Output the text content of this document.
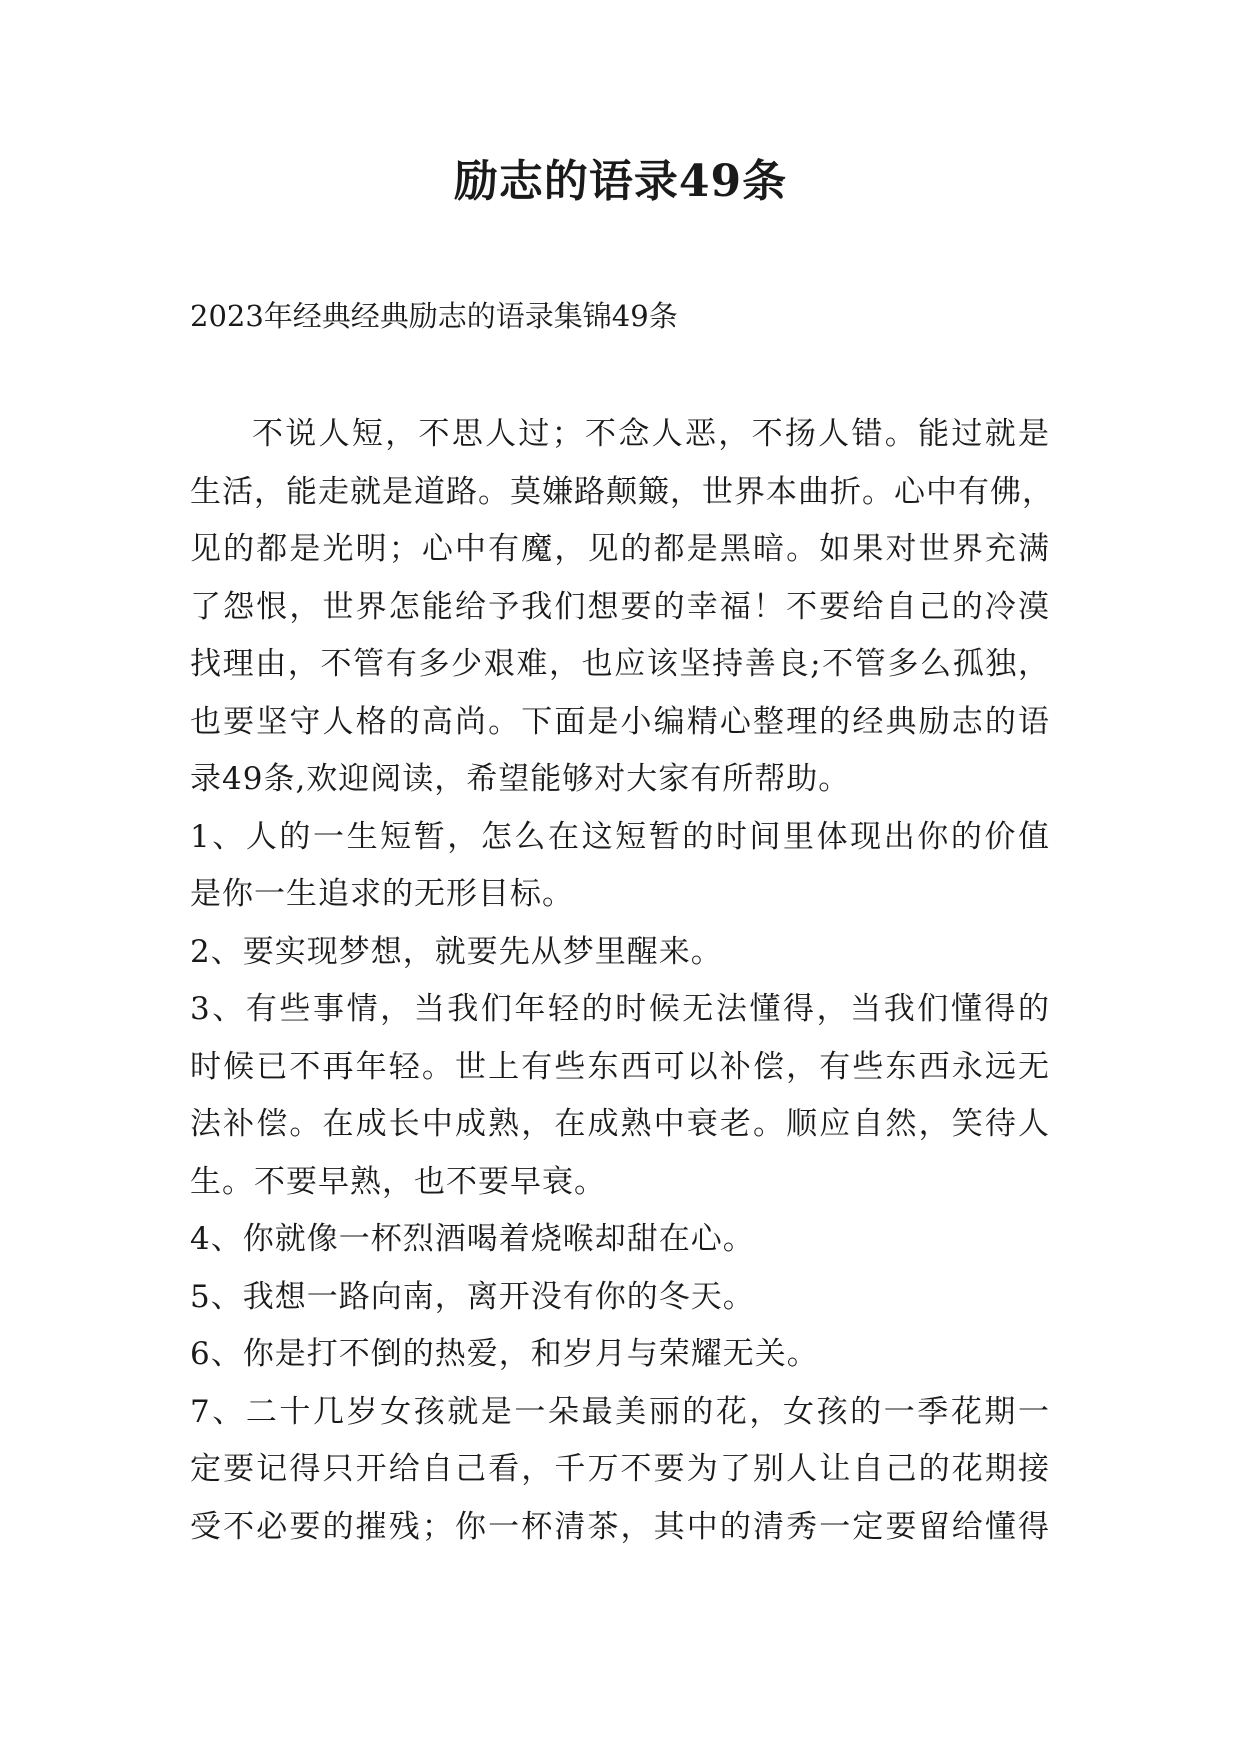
励志的语录49条
2023年经典经典励志的语录集锦49条
不说人短，不思人过；不念人恶，不扬人错。能过就是
生活，能走就是道路。莫嫌路颠簸，世界本曲折。心中有佛，
见的都是光明；心中有魔，见的都是黑暗。如果对世界充满
了怨恨，世界怎能给予我们想要的幸福！不要给自己的冷漠
找理由，不管有多少艰难，也应该坚持善良;不管多么孤独，
也要坚守人格的高尚。下面是小编精心整理的经典励志的语
录49条,欢迎阅读，希望能够对大家有所帮助。
1、人的一生短暂，怎么在这短暂的时间里体现出你的价值
是你一生追求的无形目标。
2、要实现梦想，就要先从梦里醒来。
3、有些事情，当我们年轻的时候无法懂得，当我们懂得的
时候已不再年轻。世上有些东西可以补偿，有些东西永远无
法补偿。在成长中成熟，在成熟中衰老。顺应自然，笑待人
生。不要早熟，也不要早衰。
4、你就像一杯烈酒喝着烧喉却甜在心。
5、我想一路向南，离开没有你的冬天。
6、你是打不倒的热爱，和岁月与荣耀无关。
7、二十几岁女孩就是一朵最美丽的花，女孩的一季花期一
定要记得只开给自己看，千万不要为了别人让自己的花期接
受不必要的摧残；你一杯清茶，其中的清秀一定要留给懂得
